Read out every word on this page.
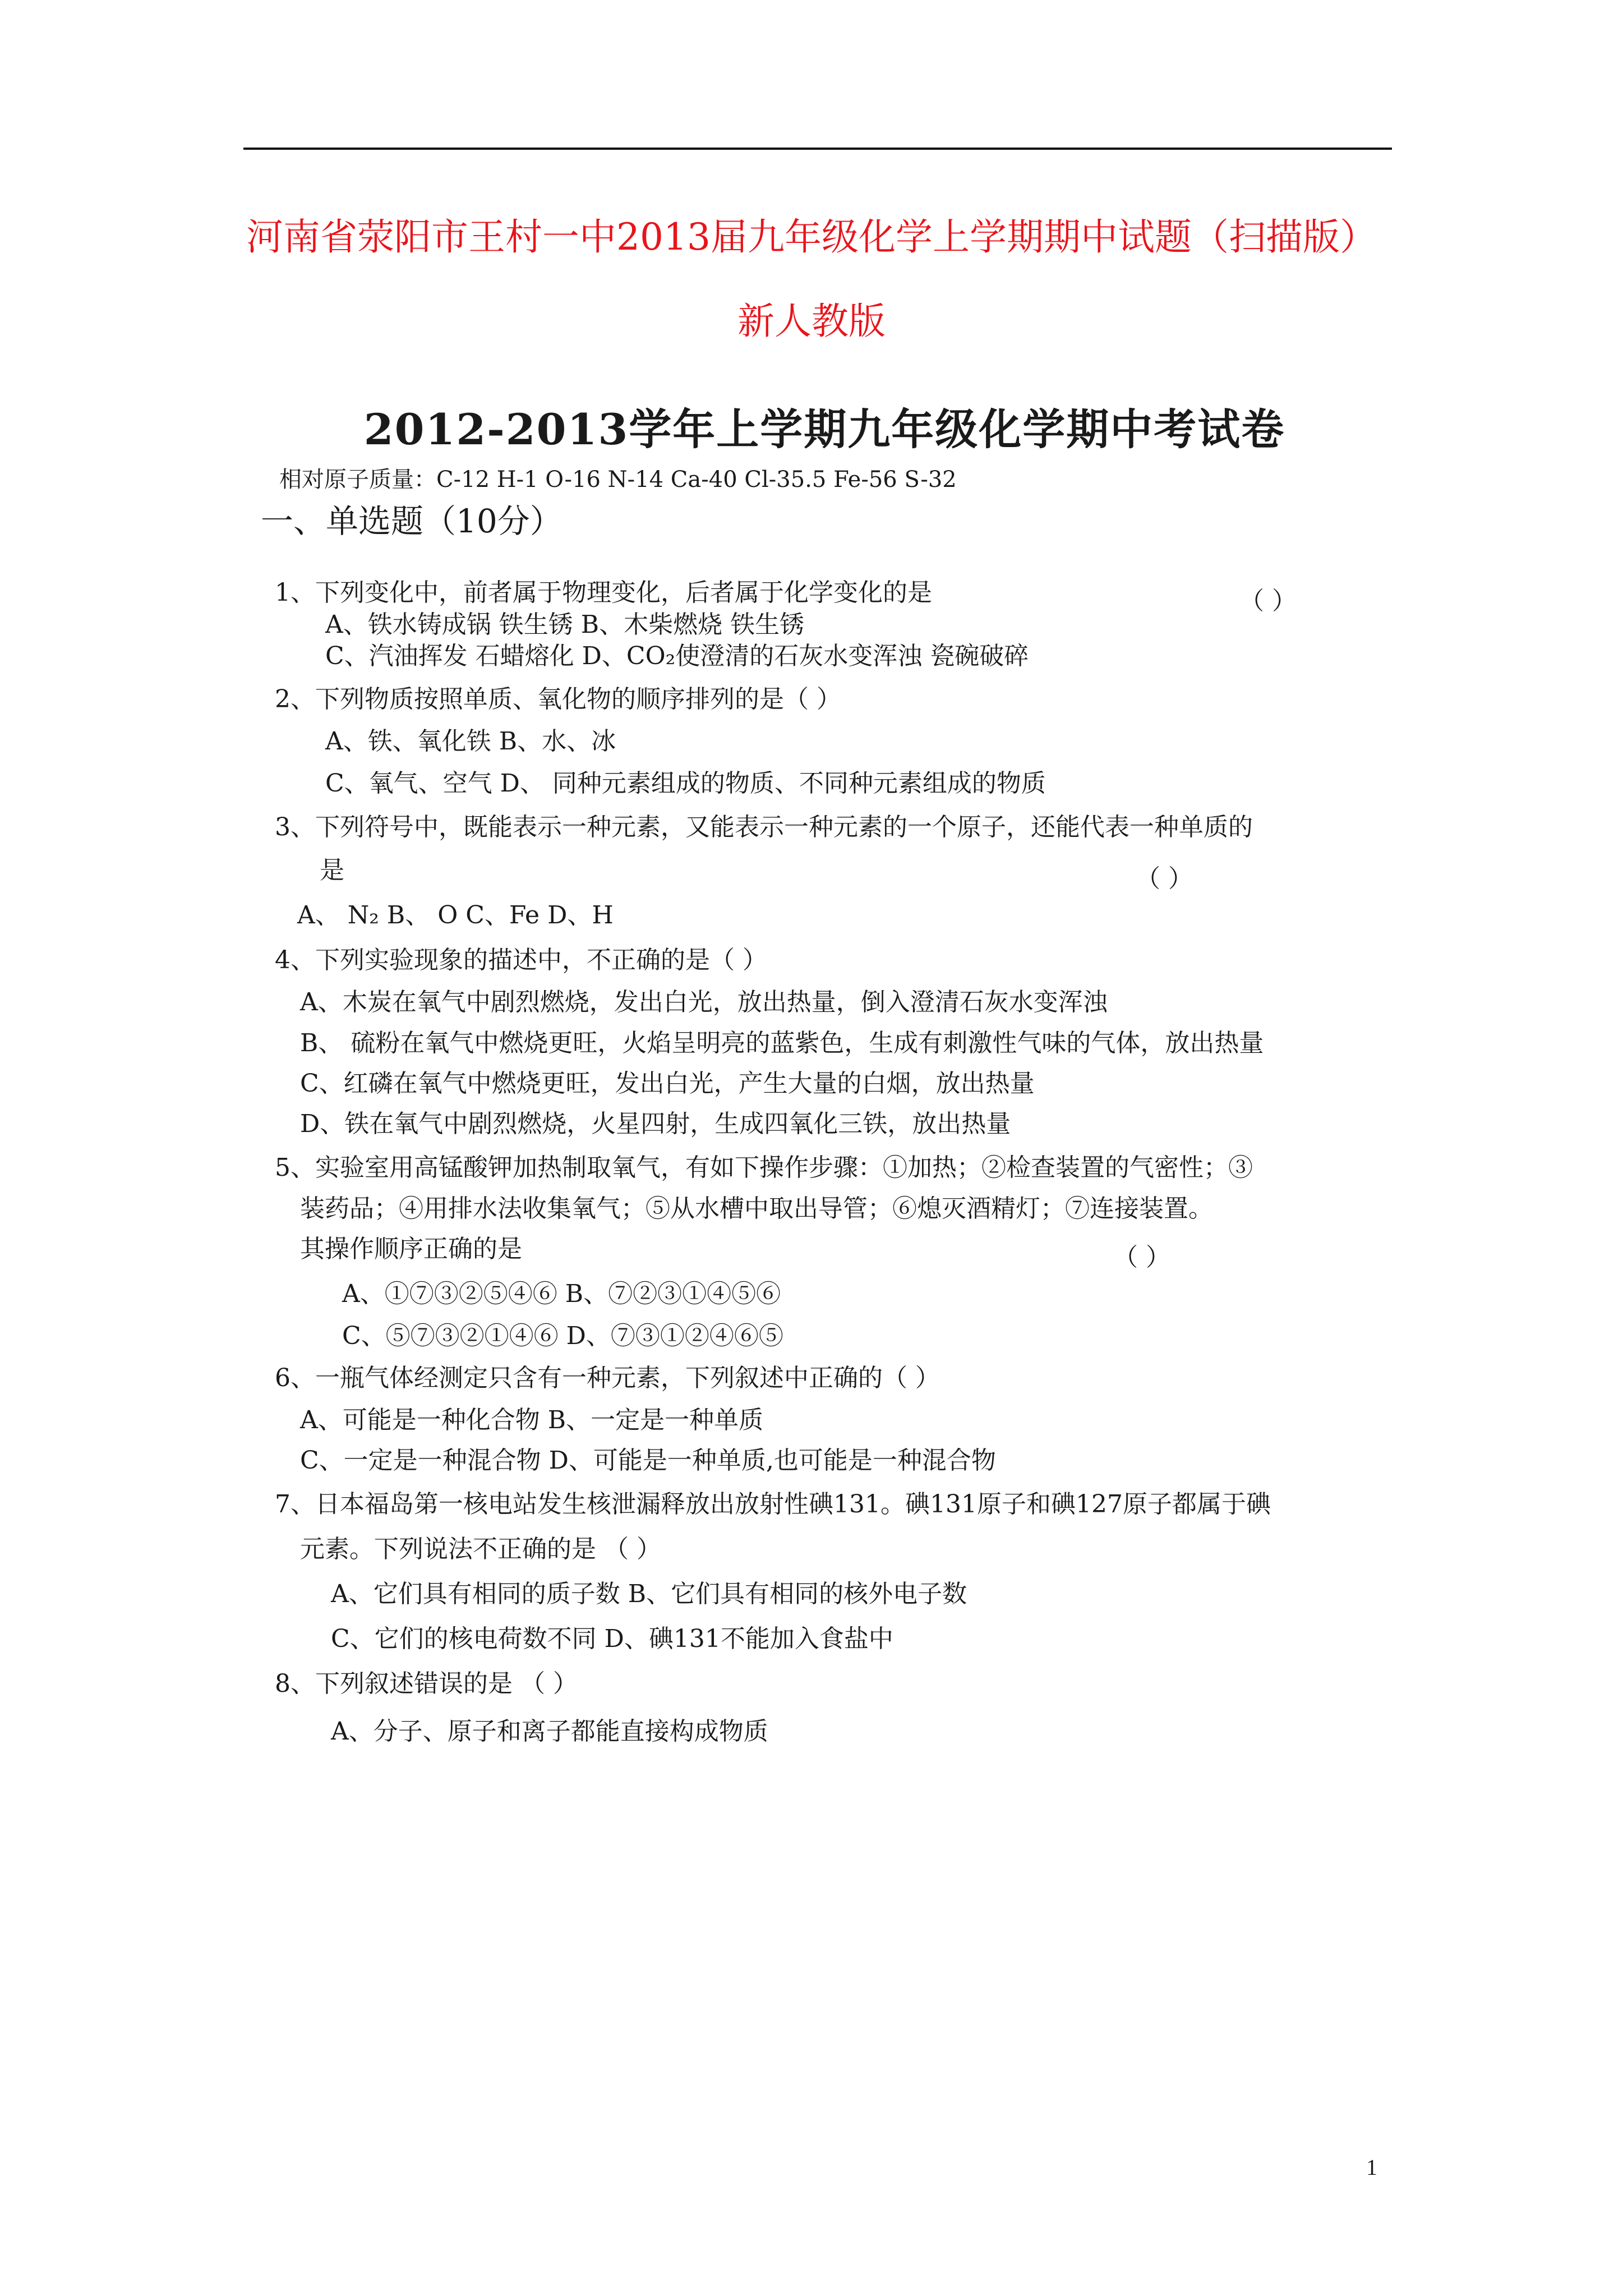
河南省荥阳市王村一中2013届九年级化学上学期期中试题（扫描版）
新人教版
2012-2013学年上学期九年级化学期中考试卷
相对原子质量：C-12 H-1 O-16 N-14 Ca-40 Cl-35.5 Fe-56 S-32
一、单选题（10分）
1、下列变化中，前者属于物理变化，后者属于化学变化的是	（ ）
A、铁水铸成锅 铁生锈 B、木柴燃烧 铁生锈
C、汽油挥发 石蜡熔化 D、CO₂使澄清的石灰水变浑浊 瓷碗破碎
2、下列物质按照单质、氧化物的顺序排列的是（ ）
A、铁、氧化铁 B、水、冰
C、氧气、空气 D、 同种元素组成的物质、不同种元素组成的物质
3、下列符号中，既能表示一种元素，又能表示一种元素的一个原子，还能代表一种单质的
是	（ ）
A、 N₂ B、 O C、Fe D、H
4、下列实验现象的描述中，不正确的是（ ）
A、木炭在氧气中剧烈燃烧，发出白光，放出热量，倒入澄清石灰水变浑浊
B、 硫粉在氧气中燃烧更旺，火焰呈明亮的蓝紫色，生成有刺激性气味的气体，放出热量
C、红磷在氧气中燃烧更旺，发出白光，产生大量的白烟，放出热量
D、铁在氧气中剧烈燃烧，火星四射，生成四氧化三铁，放出热量
5、实验室用高锰酸钾加热制取氧气，有如下操作步骤：①加热；②检查装置的气密性；③
装药品；④用排水法收集氧气；⑤从水槽中取出导管；⑥熄灭酒精灯；⑦连接装置。
其操作顺序正确的是	（ ）
A、①⑦③②⑤④⑥ B、⑦②③①④⑤⑥
C、⑤⑦③②①④⑥ D、⑦③①②④⑥⑤
6、一瓶气体经测定只含有一种元素，下列叙述中正确的（ ）
A、可能是一种化合物 B、一定是一种单质
C、一定是一种混合物 D、可能是一种单质,也可能是一种混合物
7、日本福岛第一核电站发生核泄漏释放出放射性碘131。碘131原子和碘127原子都属于碘
元素。下列说法不正确的是 （ ）
A、它们具有相同的质子数 B、它们具有相同的核外电子数
C、它们的核电荷数不同 D、碘131不能加入食盐中
8、下列叙述错误的是 （ ）
A、分子、原子和离子都能直接构成物质
1
